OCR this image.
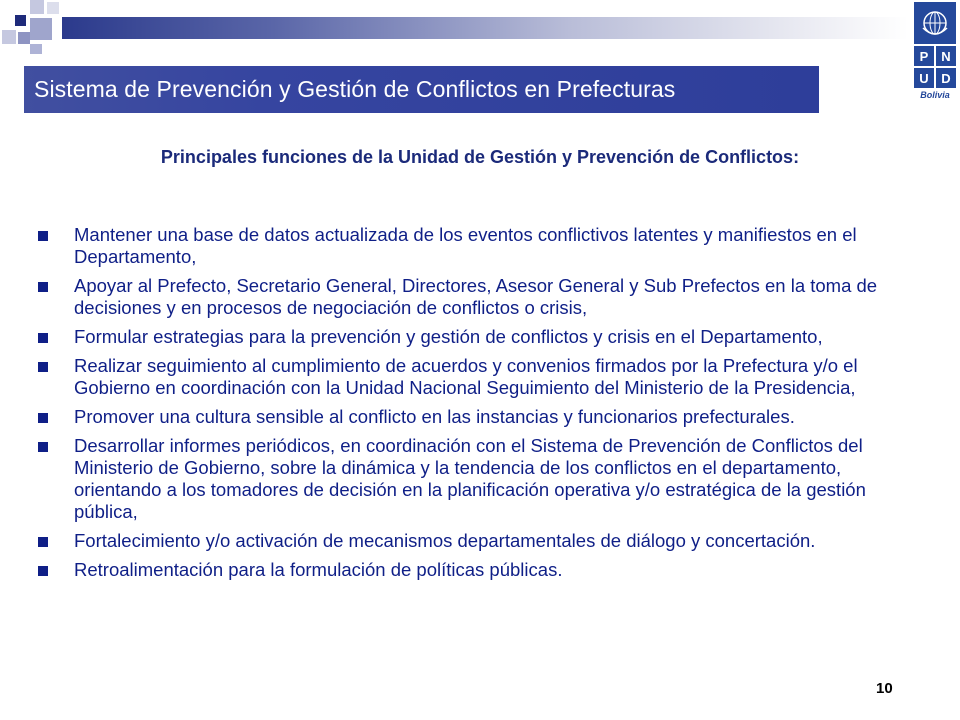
Sistema de Prevención y Gestión de Conflictos en Prefecturas
P N
U D
Bolivia
Principales funciones de la Unidad de Gestión y Prevención de Conflictos:
Mantener una base de datos actualizada de los eventos conflictivos latentes y manifiestos en el Departamento,
Apoyar al Prefecto, Secretario General, Directores, Asesor General y Sub Prefectos en la toma de decisiones y en procesos de negociación de conflictos o crisis,
Formular estrategias para la prevención y gestión de conflictos y crisis en el Departamento,
Realizar seguimiento al cumplimiento de acuerdos y convenios firmados por la Prefectura y/o el Gobierno en coordinación con la Unidad Nacional Seguimiento del Ministerio de la Presidencia,
Promover una cultura sensible al conflicto en las instancias y funcionarios prefecturales.
Desarrollar informes periódicos, en coordinación con el Sistema de Prevención de Conflictos del Ministerio de Gobierno, sobre la dinámica y la tendencia de los conflictos en el departamento, orientando a los tomadores de decisión en la planificación operativa y/o estratégica de la gestión pública,
Fortalecimiento y/o activación de mecanismos departamentales de diálogo y concertación.
Retroalimentación para la formulación de políticas públicas.
10
